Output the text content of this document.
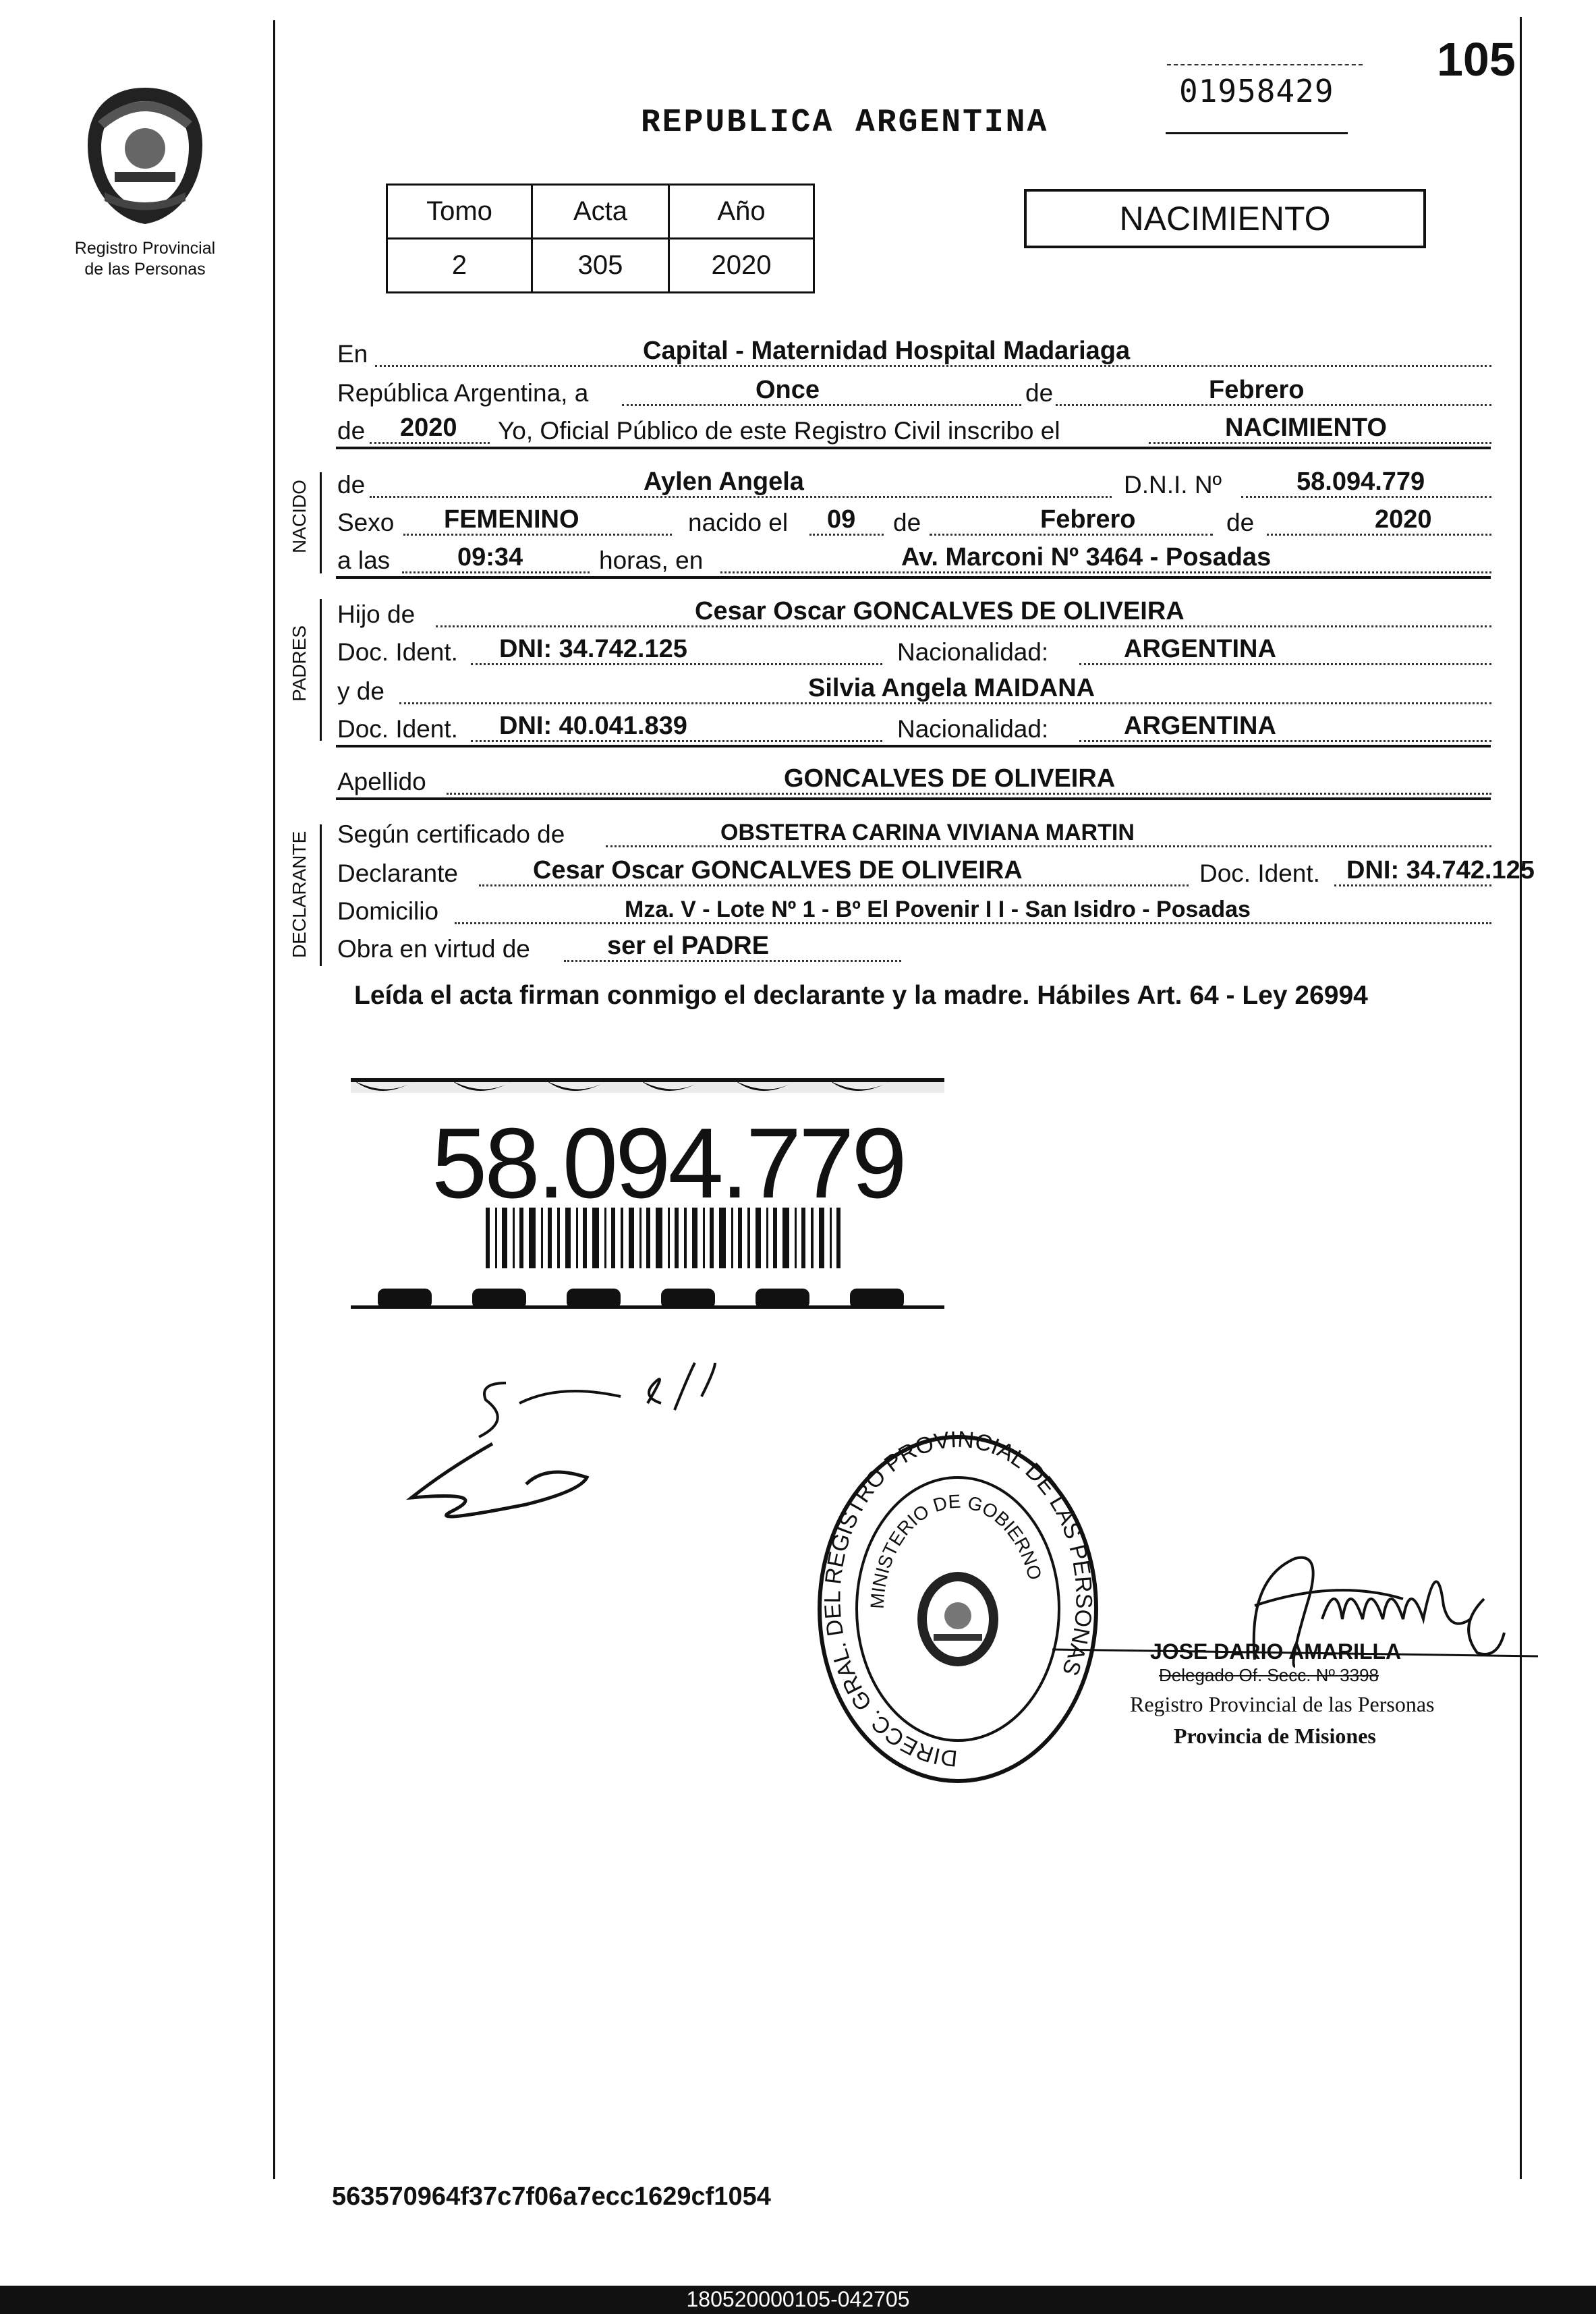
Registro Provincial
de las Personas
105
01958429
REPUBLICA ARGENTINA
Tomo	Acta	Año
2	305	2020
NACIMIENTO
En	Capital - Maternidad Hospital Madariaga
República Argentina, a	Once	de	Febrero
de 2020 Yo, Oficial Público de este Registro Civil inscribo el	NACIMIENTO
NACIDO de	Aylen Angela	D.N.I. Nº	58.094.779
Sexo FEMENINO	nacido el 09 de	Febrero	de	2020
a las	09:34	horas, en	Av. Marconi Nº 3464 - Posadas
PADRES
Hijo de	Cesar Oscar GONCALVES DE OLIVEIRA
Doc. Ident. DNI: 34.742.125	Nacionalidad:	ARGENTINA
y de	Silvia Angela MAIDANA
Doc. Ident. DNI: 40.041.839	Nacionalidad:	ARGENTINA
Apellido	GONCALVES DE OLIVEIRA
DECLARANTE Según certificado de	OBSTETRA CARINA VIVIANA MARTIN
Declarante	Cesar Oscar GONCALVES DE OLIVEIRA	Doc. Ident. DNI: 34.742.125
Domicilio	Mza. V - Lote Nº 1 - Bº El Povenir I I - San Isidro - Posadas
Obra en virtud de	ser el PADRE
Leída el acta firman conmigo el declarante y la madre. Hábiles Art. 64 - Ley 26994
58.094.779
DIRECC. GRAL. DEL REGISTRO PROVINCIAL DE LAS PERSONAS
MINISTERIO DE GOBIERNO
JOSE DARIO AMARILLA
Delegado Of. Secc. Nº 3398
Registro Provincial de las Personas
Provincia de Misiones
563570964f37c7f06a7ecc1629cf1054
180520000105-042705
